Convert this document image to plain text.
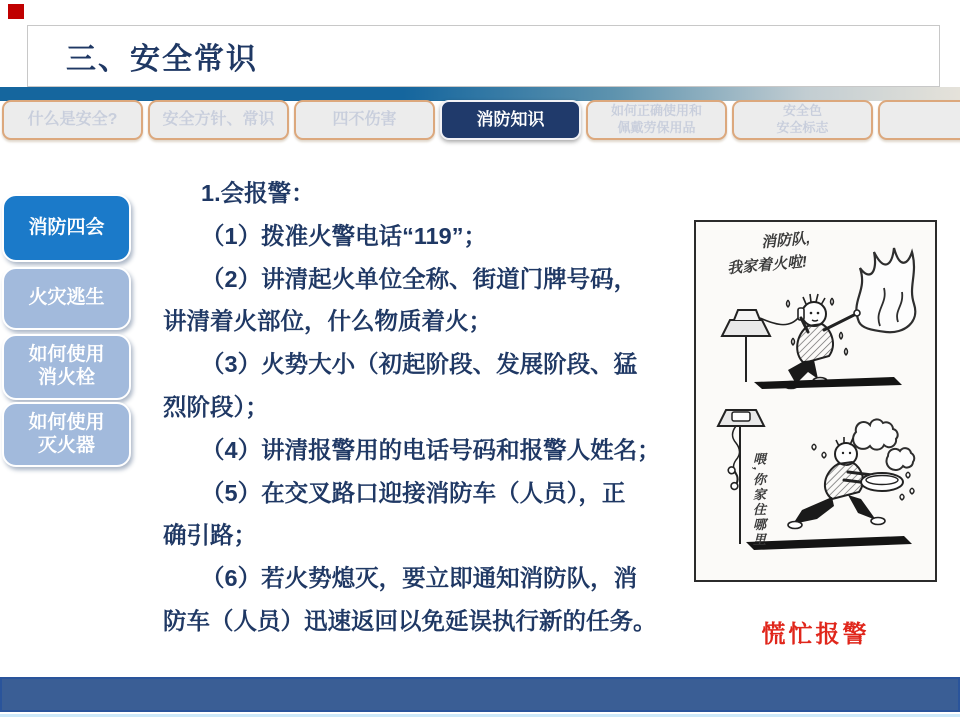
三、安全常识
什么是安全?	安全方针、常识	四不伤害	消防知识	如何正确使用和
佩戴劳保用品
安全色
安全标志
消防四会
火灾逃生
如何使用
消火栓
如何使用
灭火器
1.会报警：
（1）拨准火警电话“119”；
（2）讲清起火单位全称、街道门牌号码，
讲清着火部位，什么物质着火；
（3）火势大小（初起阶段、发展阶段、猛
烈阶段）；
（4）讲清报警用的电话号码和报警人姓名；
（5）在交叉路口迎接消防车（人员），正
确引路；
（6）若火势熄灭，要立即通知消防队，消
防车（人员）迅速返回以免延误执行新的任务。
消防队,
我家着火啦!
喂,你家住哪里
慌忙报警
